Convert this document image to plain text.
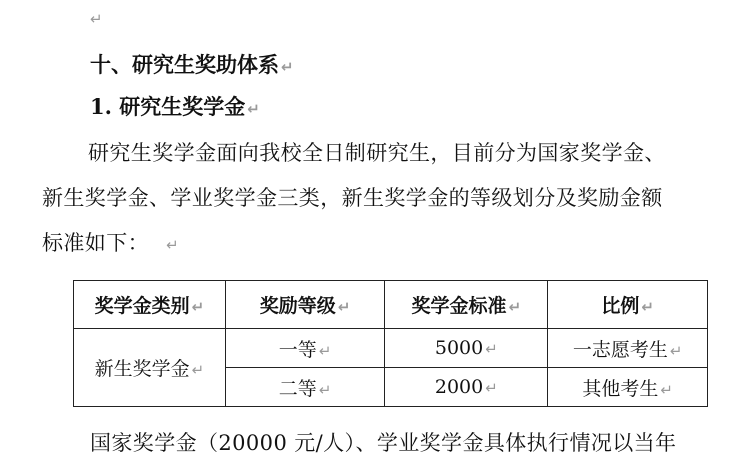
↵
十、研究生奖助体系 ↵
1. 研究生奖学金 ↵
研究生奖学金面向我校全日制研究生，目前分为国家奖学金、
新生奖学金、学业奖学金三类，新生奖学金的等级划分及奖励金额
标准如下： ↵
奖学金类别 ↵	奖励等级 ↵	奖学金标准 ↵	比例 ↵
新生奖学金 ↵	一等 ↵	5000 ↵	一志愿考生 ↵
	二等 ↵	2000 ↵	其他考生 ↵
国家奖学金（20000 元/人）、学业奖学金具体执行情况以当年
